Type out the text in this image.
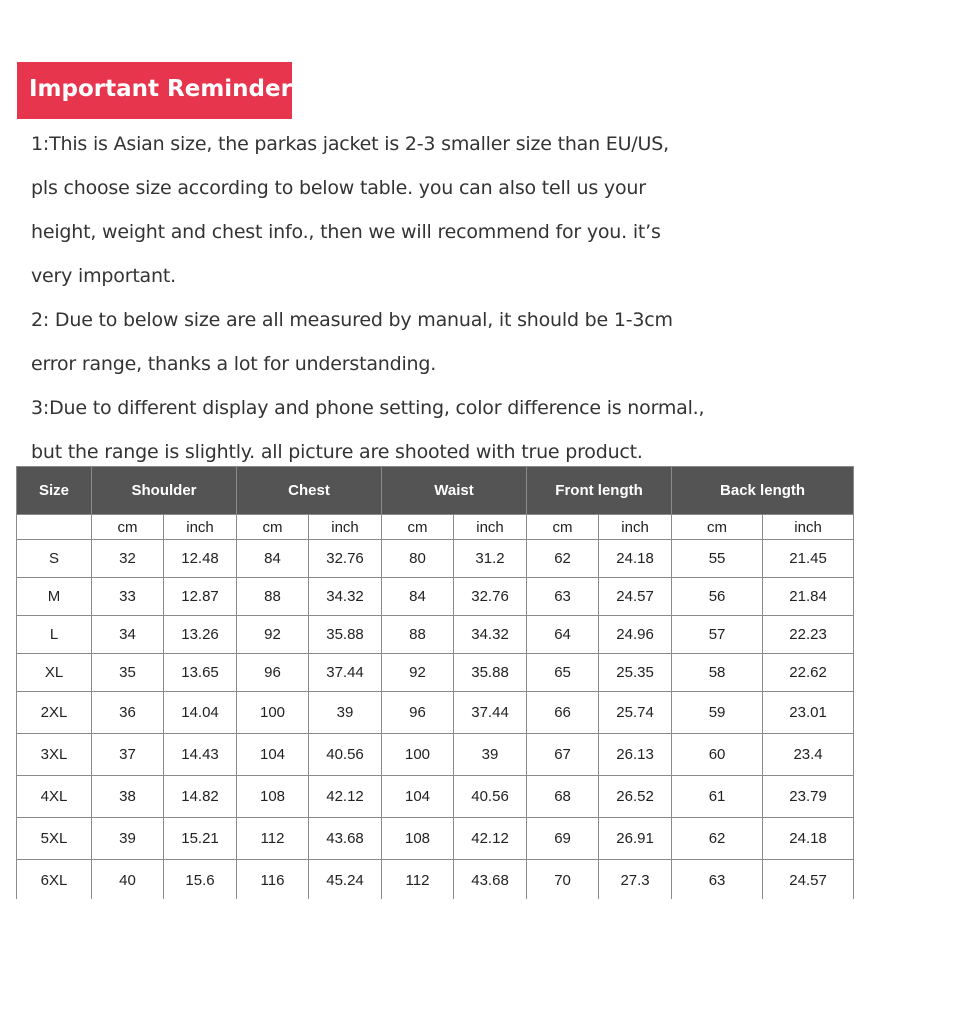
Important Reminder
1:This is Asian size, the parkas jacket is 2-3 smaller size than EU/US,
pls choose size according to below table. you can also tell us your
height, weight and chest info., then we will recommend for you. it’s
very important.
2: Due to below size are all measured by manual, it should be 1-3cm
error range, thanks a lot for understanding.
3:Due to different display and phone setting, color difference is normal.,
but the range is slightly. all picture are shooted with true product.
Size	Shoulder		Chest		Waist		Front length		Back length	
	cm	inch	cm	inch	cm	inch	cm	inch	cm	inch
S	32	12.48	84	32.76	80	31.2	62	24.18	55	21.45
M	33	12.87	88	34.32	84	32.76	63	24.57	56	21.84
L	34	13.26	92	35.88	88	34.32	64	24.96	57	22.23
XL	35	13.65	96	37.44	92	35.88	65	25.35	58	22.62
2XL	36	14.04	100	39	96	37.44	66	25.74	59	23.01
3XL	37	14.43	104	40.56	100	39	67	26.13	60	23.4
4XL	38	14.82	108	42.12	104	40.56	68	26.52	61	23.79
5XL	39	15.21	112	43.68	108	42.12	69	26.91	62	24.18
6XL	40	15.6	116	45.24	112	43.68	70	27.3	63	24.57
